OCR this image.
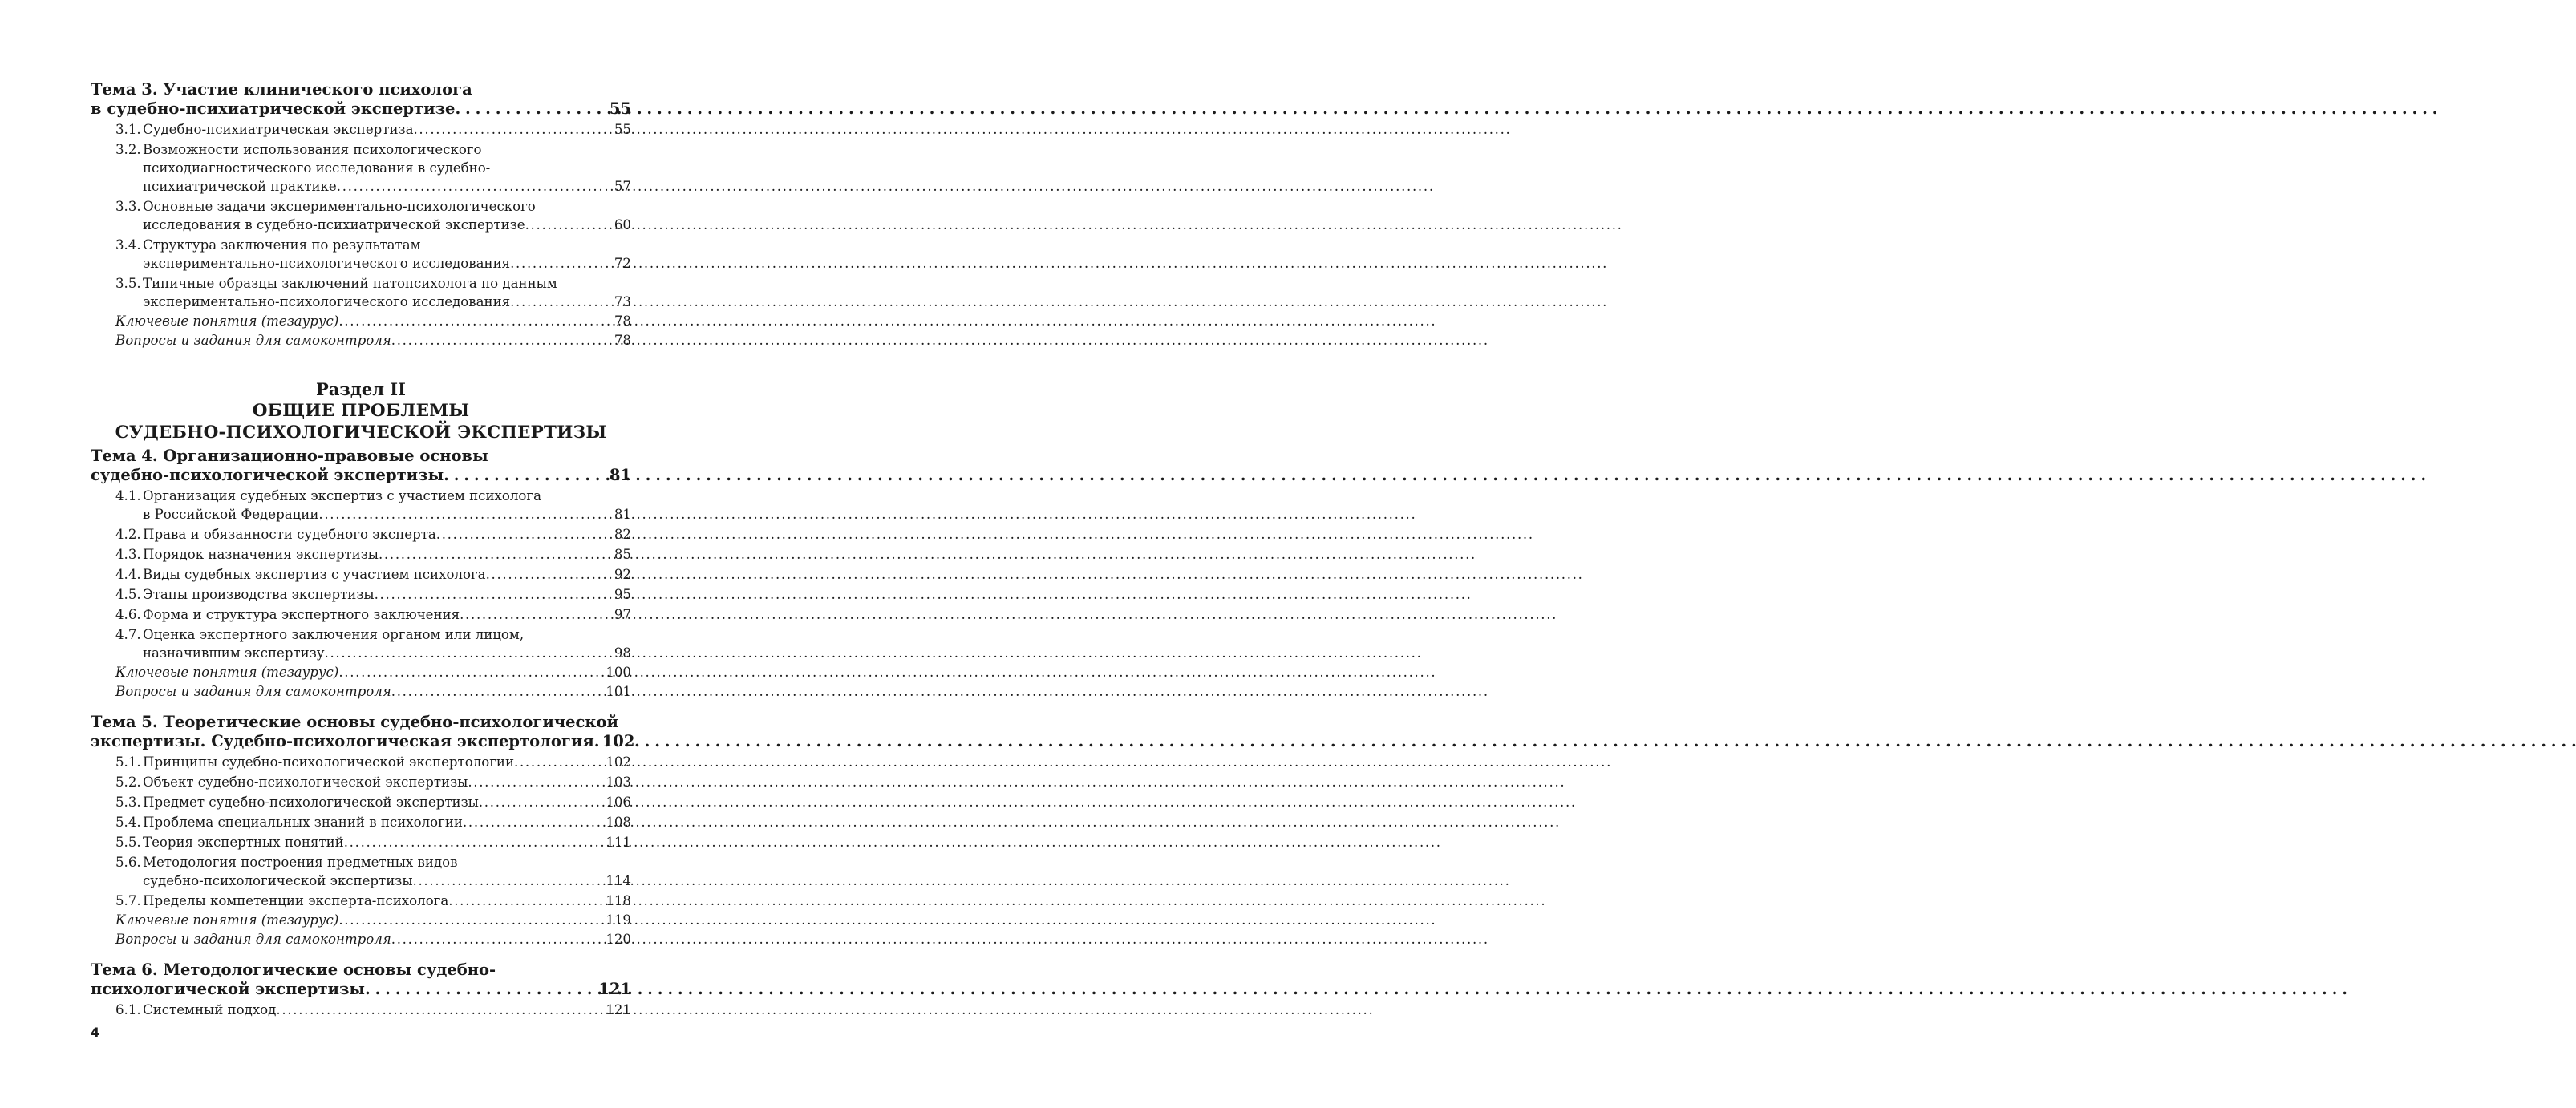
Тема 3. Участие клинического психолога
в судебно-психиатрической экспертизе . . .	55
3.1. Судебно-психиатрическая экспертиза . . .	55
3.2. Возможности использования психологического
психодиагностического исследования в судебно-
психиатрической практике . . .	57
3.3. Основные задачи экспериментально-психологического
исследования в судебно-психиатрической экспертизе . . .	60
3.4. Структура заключения по результатам
экспериментально-психологического исследования . . .	72
3.5. Типичные образцы заключений патопсихолога по данным
экспериментально-психологического исследования . . .	73
Ключевые понятия (тезаурус) . . .	78
Вопросы и задания для самоконтроля . . .	78
Раздел II
ОБЩИЕ ПРОБЛЕМЫ
СУДЕБНО-ПСИХОЛОГИЧЕСКОЙ ЭКСПЕРТИЗЫ
Тема 4. Организационно-правовые основы
судебно-психологической экспертизы . . .	81
4.1. Организация судебных экспертиз с участием психолога
в Российской Федерации . . .	81
4.2. Права и обязанности судебного эксперта . . .	82
4.3. Порядок назначения экспертизы . . .	85
4.4. Виды судебных экспертиз с участием психолога . . .	92
4.5. Этапы производства экспертизы . . .	95
4.6. Форма и структура экспертного заключения . . .	97
4.7. Оценка экспертного заключения органом или лицом,
назначившим экспертизу . . .	98
Ключевые понятия (тезаурус) . . .	100
Вопросы и задания для самоконтроля . . .	101
Тема 5. Теоретические основы судебно-психологической
экспертизы. Судебно-психологическая экспертология . . . 102
5.1. Принципы судебно-психологической экспертологии . . .	102
5.2. Объект судебно-психологической экспертизы . . .	103
5.3. Предмет судебно-психологической экспертизы . . .	106
5.4. Проблема специальных знаний в психологии . . .	108
5.5. Теория экспертных понятий . . .	111
5.6. Методология построения предметных видов
судебно-психологической экспертизы . . .	114
5.7. Пределы компетенции эксперта-психолога . . .	118
Ключевые понятия (тезаурус) . . .	119
Вопросы и задания для самоконтроля . . .	120
Тема 6. Методологические основы судебно-
психологической экспертизы . . .	121
6.1. Системный подход . . .	121
4
